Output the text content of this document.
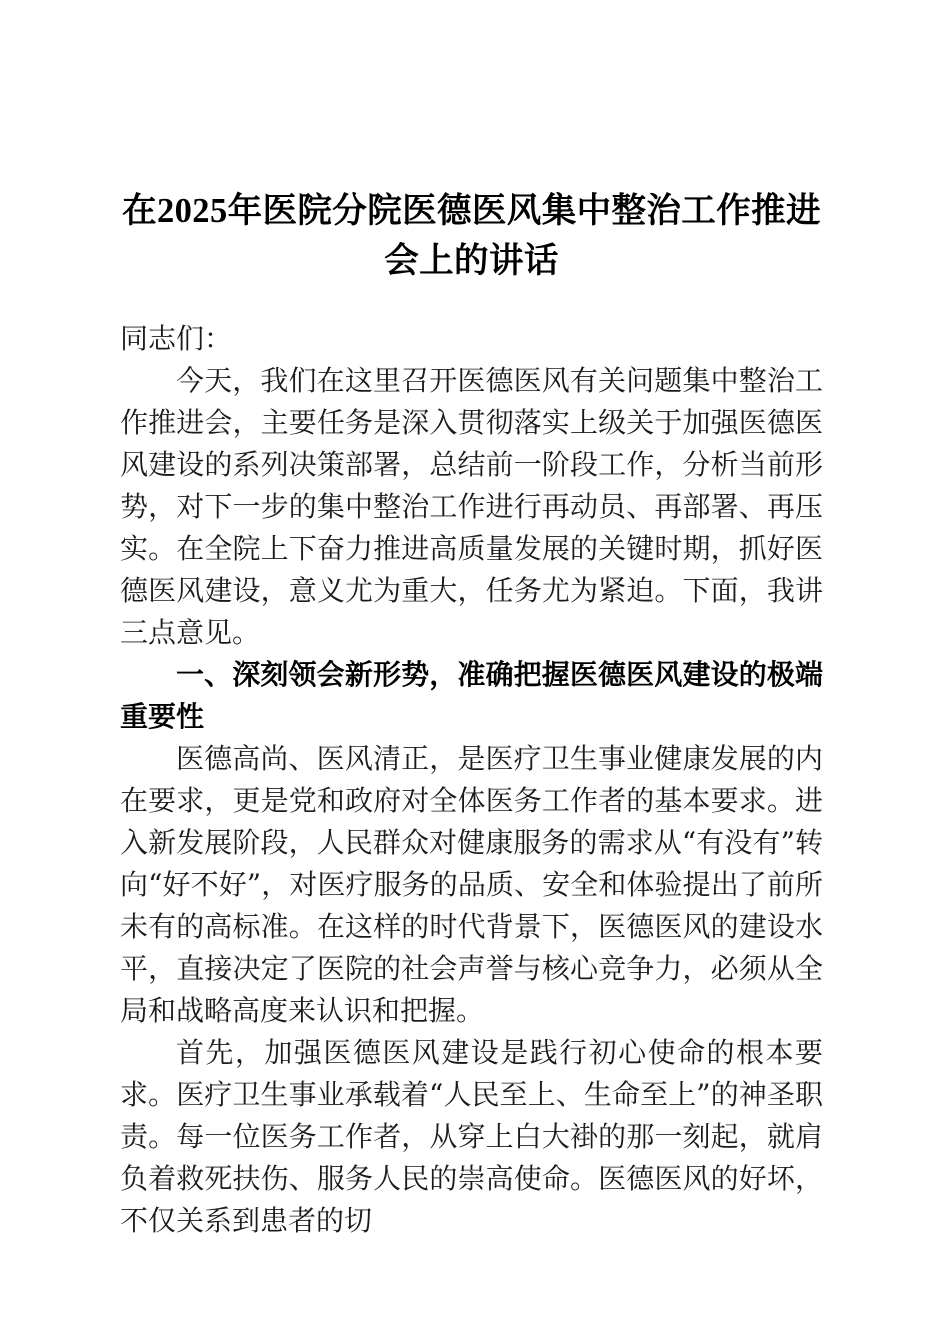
在2025年医院分院医德医风集中整治工作推进会上的讲话

同志们：

今天，我们在这里召开医德医风有关问题集中整治工作推进会，主要任务是深入贯彻落实上级关于加强医德医风建设的系列决策部署，总结前一阶段工作，分析当前形势，对下一步的集中整治工作进行再动员、再部署、再压实。在全院上下奋力推进高质量发展的关键时期，抓好医德医风建设，意义尤为重大，任务尤为紧迫。下面，我讲三点意见。

一、深刻领会新形势，准确把握医德医风建设的极端重要性

医德高尚、医风清正，是医疗卫生事业健康发展的内在要求，更是党和政府对全体医务工作者的基本要求。进入新发展阶段，人民群众对健康服务的需求从“有没有”转向“好不好”，对医疗服务的品质、安全和体验提出了前所未有的高标准。在这样的时代背景下，医德医风的建设水平，直接决定了医院的社会声誉与核心竞争力，必须从全局和战略高度来认识和把握。

首先，加强医德医风建设是践行初心使命的根本要求。医疗卫生事业承载着“人民至上、生命至上”的神圣职责。每一位医务工作者，从穿上白大褂的那一刻起，就肩负着救死扶伤、服务人民的崇高使命。医德医风的好坏，不仅关系到患者的切
